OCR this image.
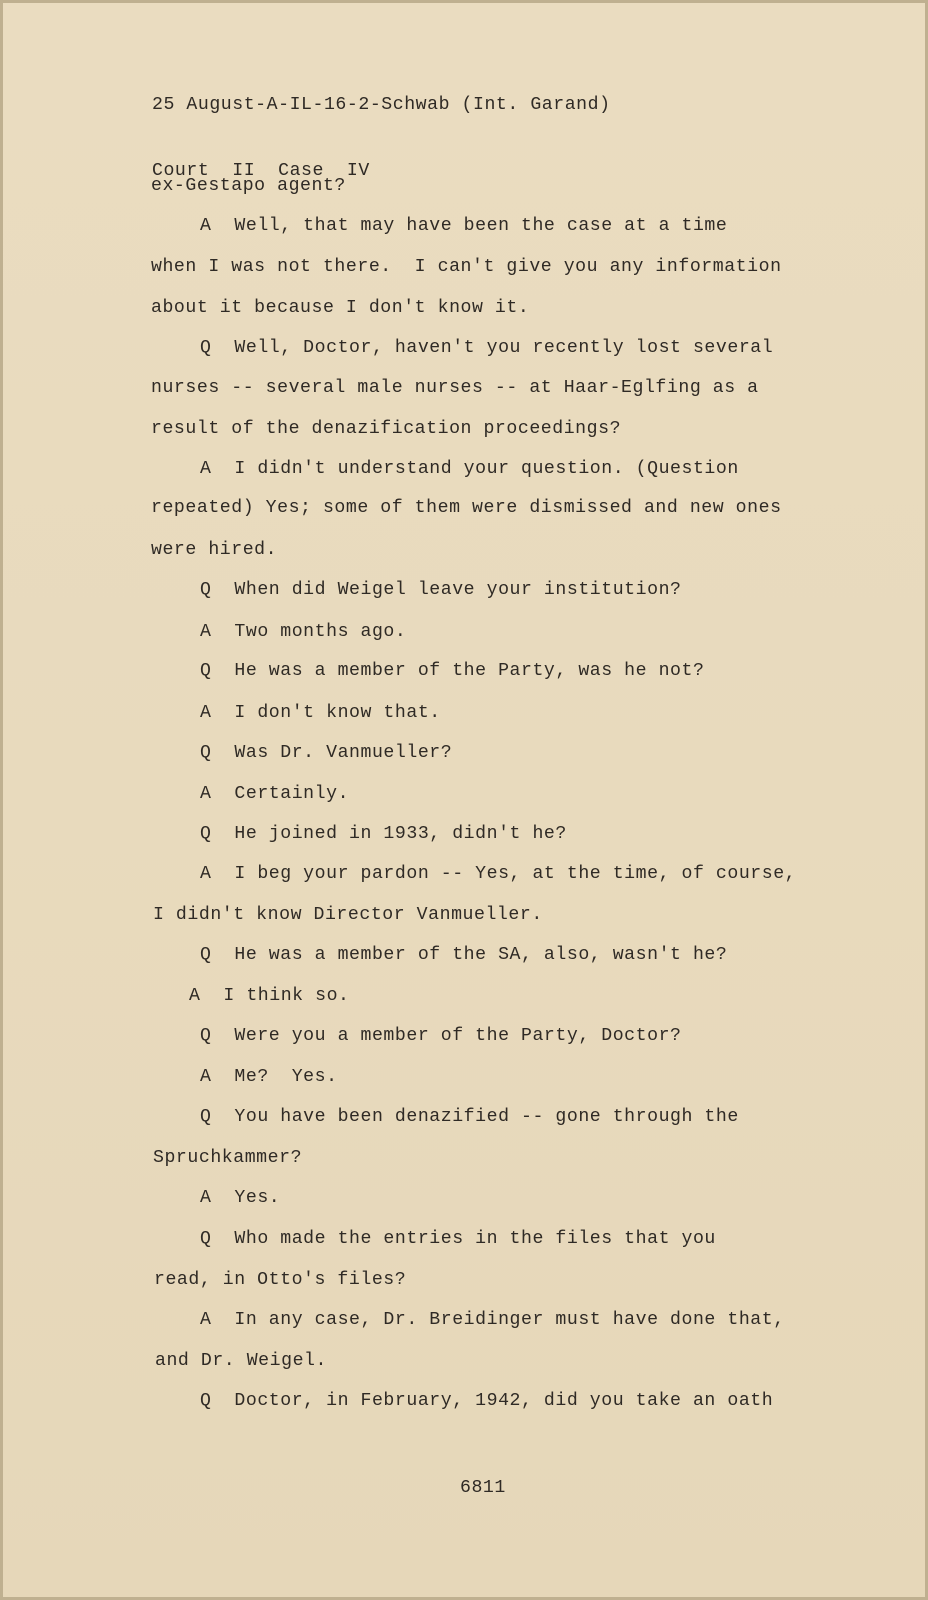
25 August-A-IL-16-2-Schwab (Int. Garand)

Court  II  Case  IV

ex-Gestapo agent?
A  Well, that may have been the case at a time
when I was not there.  I can't give you any information
about it because I don't know it.
Q  Well, Doctor, haven't you recently lost several
nurses -- several male nurses -- at Haar-Eglfing as a
result of the denazification proceedings?
A  I didn't understand your question. (Question
repeated) Yes; some of them were dismissed and new ones
were hired.
Q  When did Weigel leave your institution?
A  Two months ago.
Q  He was a member of the Party, was he not?
A  I don't know that.
Q  Was Dr. Vanmueller?
A  Certainly.
Q  He joined in 1933, didn't he?
A  I beg your pardon -- Yes, at the time, of course,
I didn't know Director Vanmueller.
Q  He was a member of the SA, also, wasn't he?
A  I think so.
Q  Were you a member of the Party, Doctor?
A  Me?  Yes.
Q  You have been denazified -- gone through the
Spruchkammer?
A  Yes.
Q  Who made the entries in the files that you
read, in Otto's files?
A  In any case, Dr. Breidinger must have done that,
and Dr. Weigel.
Q  Doctor, in February, 1942, did you take an oath
6811
